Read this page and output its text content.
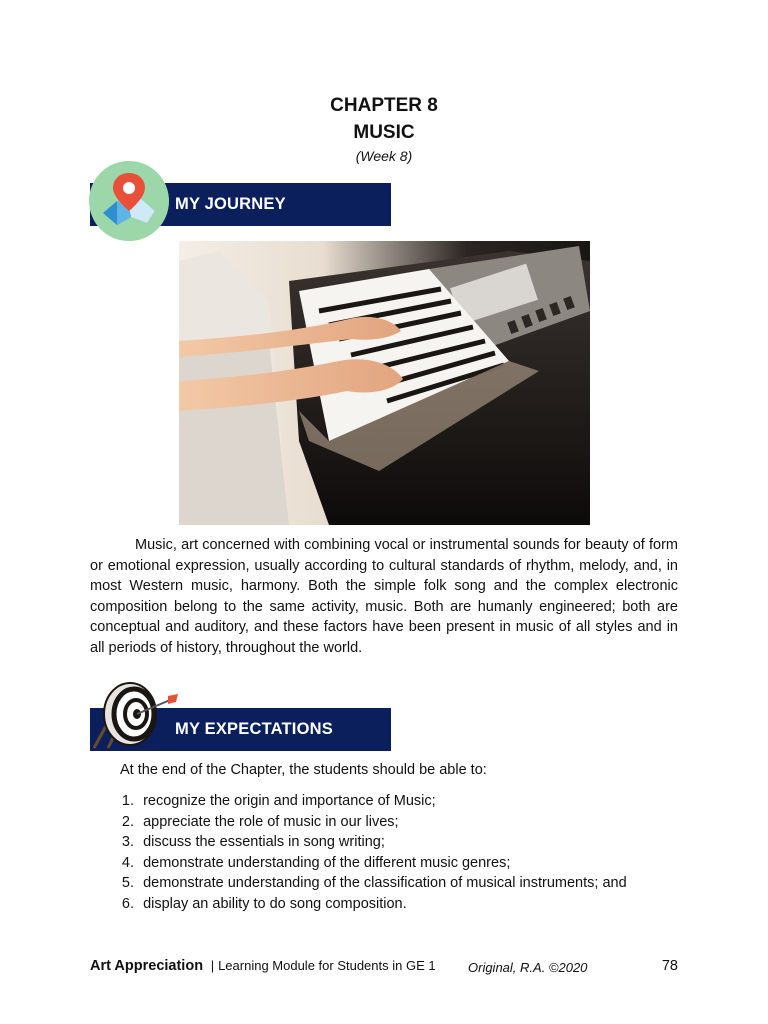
CHAPTER 8
MUSIC
(Week 8)
MY JOURNEY

Music, art concerned with combining vocal or instrumental sounds for beauty of form or emotional expression, usually according to cultural standards of rhythm, melody, and, in most Western music, harmony. Both the simple folk song and the complex electronic composition belong to the same activity, music. Both are humanly engineered; both are conceptual and auditory, and these factors have been present in music of all styles and in all periods of history, throughout the world.

MY EXPECTATIONS

At the end of the Chapter, the students should be able to:

1.
recognize the origin and importance of Music;
2.
appreciate the role of music in our lives;
3.
discuss the essentials in song writing;
4.
demonstrate understanding of the different music genres;
5.
demonstrate understanding of the classification of musical instruments; and
6.
display an ability to do song composition.
Art Appreciation | Learning Module for Students in GE 1 Original, R.A. ©2020	78
